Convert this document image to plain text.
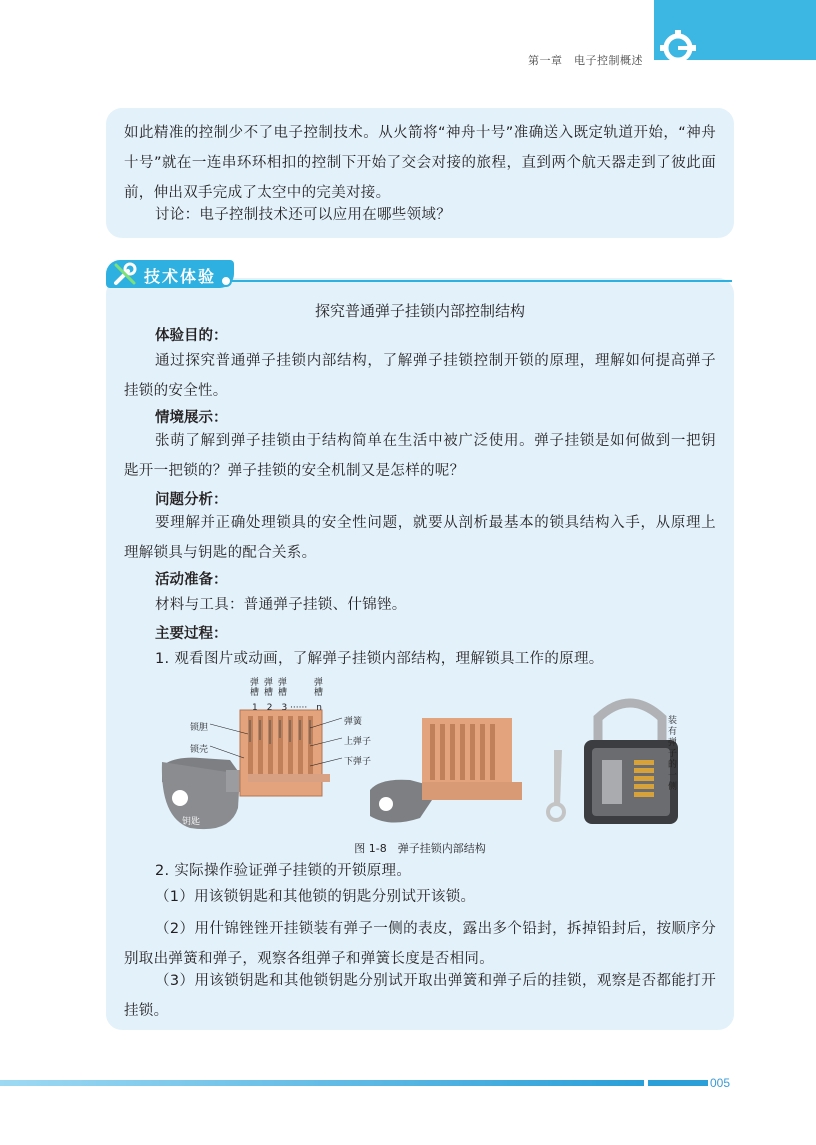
第一章　电子控制概述
如此精准的控制少不了电子控制技术。从火箭将“神舟十号”准确送入既定轨道开始，“神舟十号”就在一连串环环相扣的控制下开始了交会对接的旅程，直到两个航天器走到了彼此面前，伸出双手完成了太空中的完美对接。
讨论：电子控制技术还可以应用在哪些领域？
技术体验
探究普通弹子挂锁内部控制结构
体验目的：
通过探究普通弹子挂锁内部结构，了解弹子挂锁控制开锁的原理，理解如何提高弹子挂锁的安全性。
情境展示：
张萌了解到弹子挂锁由于结构简单在生活中被广泛使用。弹子挂锁是如何做到一把钥匙开一把锁的？弹子挂锁的安全机制又是怎样的呢？
问题分析：
要理解并正确处理锁具的安全性问题，就要从剖析最基本的锁具结构入手，从原理上理解锁具与钥匙的配合关系。
活动准备：
材料与工具：普通弹子挂锁、什锦锉。
主要过程：
1. 观看图片或动画，了解弹子挂锁内部结构，理解锁具工作的原理。
弹
槽
弹
槽
弹
槽
弹
槽
1　2　3 ······　n
锁胆
锁壳
弹簧
上弹子
下弹子
钥匙
装有弹子的一侧
图 1-8　弹子挂锁内部结构
2. 实际操作验证弹子挂锁的开锁原理。
（1）用该锁钥匙和其他锁的钥匙分别试开该锁。
（2）用什锦锉锉开挂锁装有弹子一侧的表皮，露出多个铅封，拆掉铅封后，按顺序分别取出弹簧和弹子，观察各组弹子和弹簧长度是否相同。
（3）用该锁钥匙和其他锁钥匙分别试开取出弹簧和弹子后的挂锁，观察是否都能打开挂锁。
005
